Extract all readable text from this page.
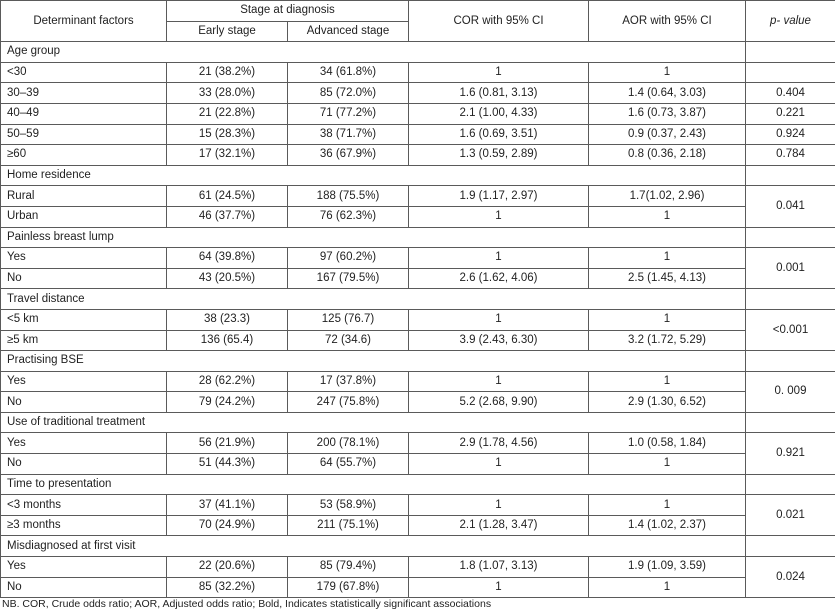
Determinant factors	Stage at diagnosis		COR with 95% CI	AOR with 95% CI	p- value
	Early stage	Advanced stage			
Age group					
<30	21 (38.2%)	34 (61.8%)	1	1	
30–39	33 (28.0%)	85 (72.0%)	1.6 (0.81, 3.13)	1.4 (0.64, 3.03)	0.404
40–49	21 (22.8%)	71 (77.2%)	2.1 (1.00, 4.33)	1.6 (0.73, 3.87)	0.221
50–59	15 (28.3%)	38 (71.7%)	1.6 (0.69, 3.51)	0.9 (0.37, 2.43)	0.924
≥60	17 (32.1%)	36 (67.9%)	1.3 (0.59, 2.89)	0.8 (0.36, 2.18)	0.784
Home residence					
Rural	61 (24.5%)	188 (75.5%)	1.9 (1.17, 2.97)	1.7(1.02, 2.96)	0.041
Urban	46 (37.7%)	76 (62.3%)	1	1	
Painless breast lump					
Yes	64 (39.8%)	97 (60.2%)	1	1	0.001
No	43 (20.5%)	167 (79.5%)	2.6 (1.62, 4.06)	2.5 (1.45, 4.13)	
Travel distance					
<5 km	38 (23.3)	125 (76.7)	1	1	<0.001
≥5 km	136 (65.4)	72 (34.6)	3.9 (2.43, 6.30)	3.2 (1.72, 5.29)	
Practising BSE					
Yes	28 (62.2%)	17 (37.8%)	1	1	0. 009
No	79 (24.2%)	247 (75.8%)	5.2 (2.68, 9.90)	2.9 (1.30, 6.52)	
Use of traditional treatment					
Yes	56 (21.9%)	200 (78.1%)	2.9 (1.78, 4.56)	1.0 (0.58, 1.84)	0.921
No	51 (44.3%)	64 (55.7%)	1	1	
Time to presentation					
<3 months	37 (41.1%)	53 (58.9%)	1	1	0.021
≥3 months	70 (24.9%)	211 (75.1%)	2.1 (1.28, 3.47)	1.4 (1.02, 2.37)	
Misdiagnosed at first visit					
Yes	22 (20.6%)	85 (79.4%)	1.8 (1.07, 3.13)	1.9 (1.09, 3.59)	0.024
No	85 (32.2%)	179 (67.8%)	1	1	
NB. COR, Crude odds ratio; AOR, Adjusted odds ratio; Bold, Indicates statistically significant associations
